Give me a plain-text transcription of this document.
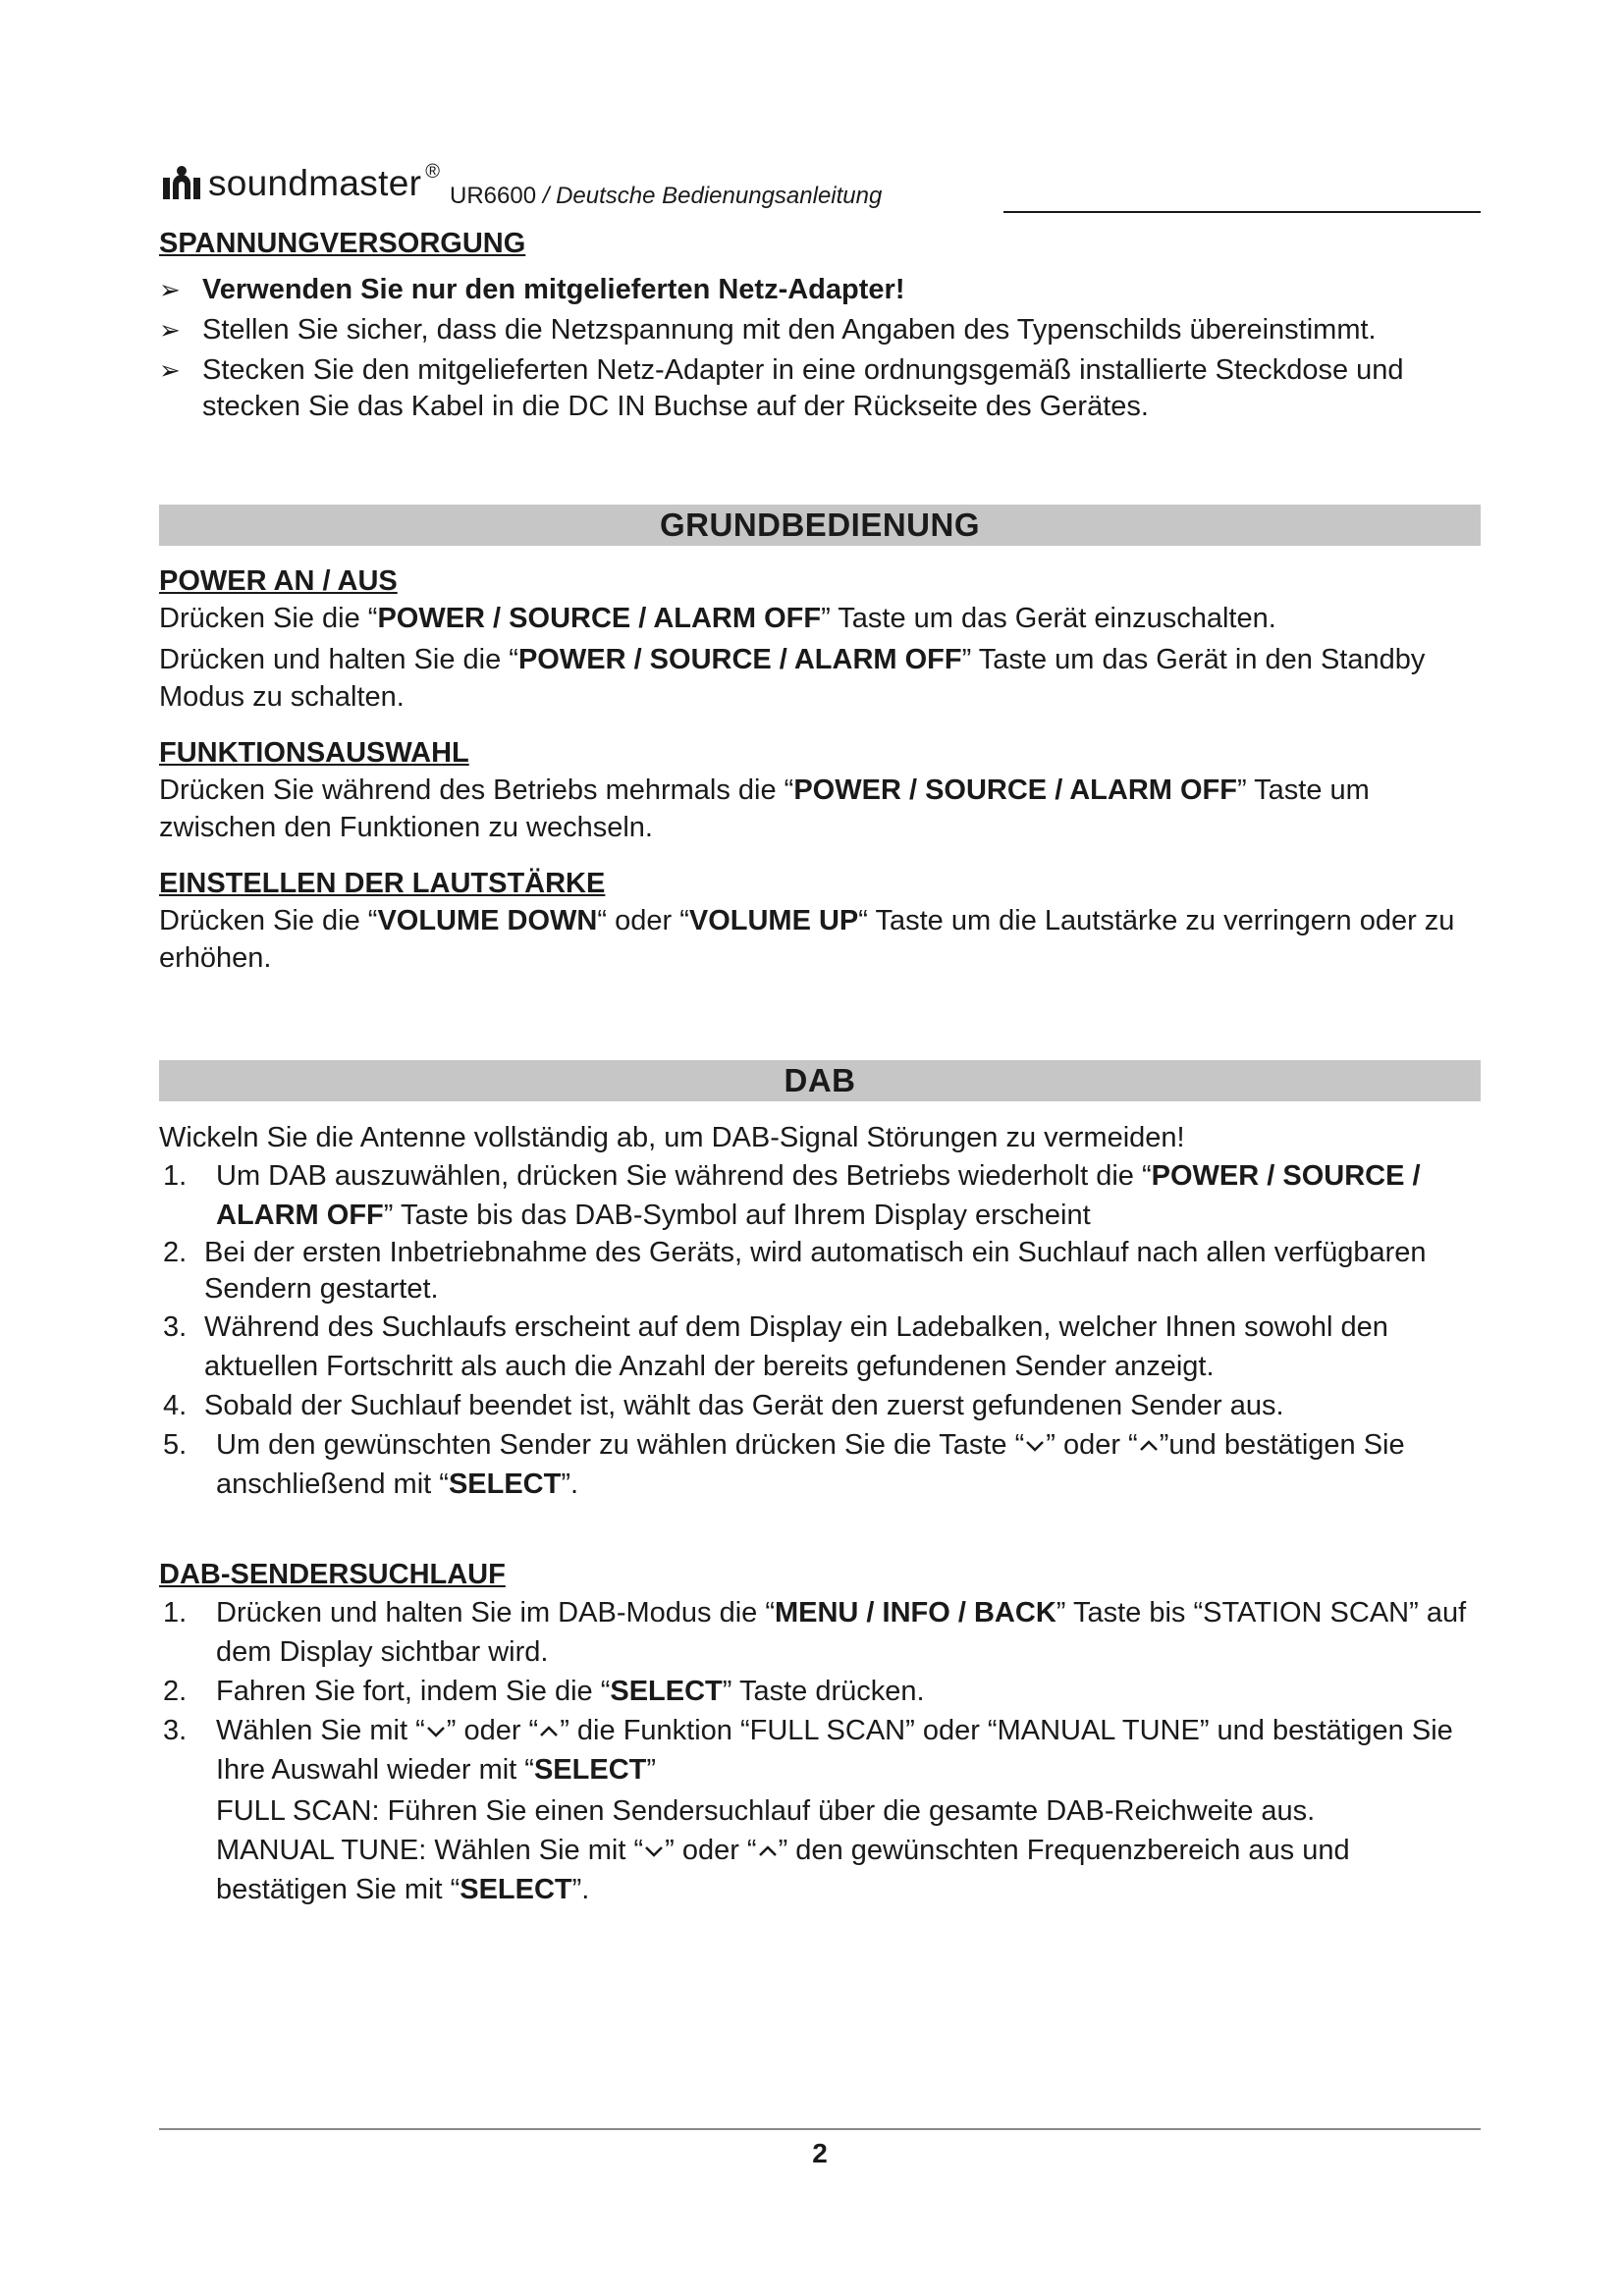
soundmaster ®
UR6600 / Deutsche Bedienungsanleitung
SPANNUNGVERSORGUNG
➢ Verwenden Sie nur den mitgelieferten Netz-Adapter!
➢ Stellen Sie sicher, dass die Netzspannung mit den Angaben des Typenschilds übereinstimmt.
➢ Stecken Sie den mitgelieferten Netz-Adapter in eine ordnungsgemäß installierte Steckdose und stecken Sie das Kabel in die DC IN Buchse auf der Rückseite des Gerätes.
GRUNDBEDIENUNG
POWER AN / AUS

Drücken Sie die “POWER / SOURCE / ALARM OFF” Taste um das Gerät einzuschalten.

Drücken und halten Sie die “POWER / SOURCE / ALARM OFF” Taste um das Gerät in den Standby Modus zu schalten.

FUNKTIONSAUSWAHL

Drücken Sie während des Betriebs mehrmals die “POWER / SOURCE / ALARM OFF” Taste um zwischen den Funktionen zu wechseln.

EINSTELLEN DER LAUTSTÄRKE

Drücken Sie die “VOLUME DOWN“ oder “VOLUME UP“ Taste um die Lautstärke zu verringern oder zu erhöhen.

DAB

Wickeln Sie die Antenne vollständig ab, um DAB-Signal Störungen zu vermeiden!

1. Um DAB auszuwählen, drücken Sie während des Betriebs wiederholt die “POWER / SOURCE / ALARM OFF” Taste bis das DAB-Symbol auf Ihrem Display erscheint
2. Bei der ersten Inbetriebnahme des Geräts, wird automatisch ein Suchlauf nach allen verfügbaren Sendern gestartet.
3. Während des Suchlaufs erscheint auf dem Display ein Ladebalken, welcher Ihnen sowohl den aktuellen Fortschritt als auch die Anzahl der bereits gefundenen Sender anzeigt.
4. Sobald der Suchlauf beendet ist, wählt das Gerät den zuerst gefundenen Sender aus.
5. Um den gewünschten Sender zu wählen drücken Sie die Taste “ ” oder “ ”und bestätigen Sie anschließend mit “SELECT”.
DAB-SENDERSUCHLAUF
1. Drücken und halten Sie im DAB-Modus die “MENU / INFO / BACK” Taste bis “STATION SCAN” auf dem Display sichtbar wird.
2. Fahren Sie fort, indem Sie die “SELECT” Taste drücken.
3. Wählen Sie mit “ ” oder “ ” die Funktion “FULL SCAN” oder “MANUAL TUNE” und bestätigen Sie Ihre Auswahl wieder mit “SELECT”
FULL SCAN: Führen Sie einen Sendersuchlauf über die gesamte DAB-Reichweite aus.
MANUAL TUNE: Wählen Sie mit “ ” oder “ ” den gewünschten Frequenzbereich aus und bestätigen Sie mit “SELECT”.
2
